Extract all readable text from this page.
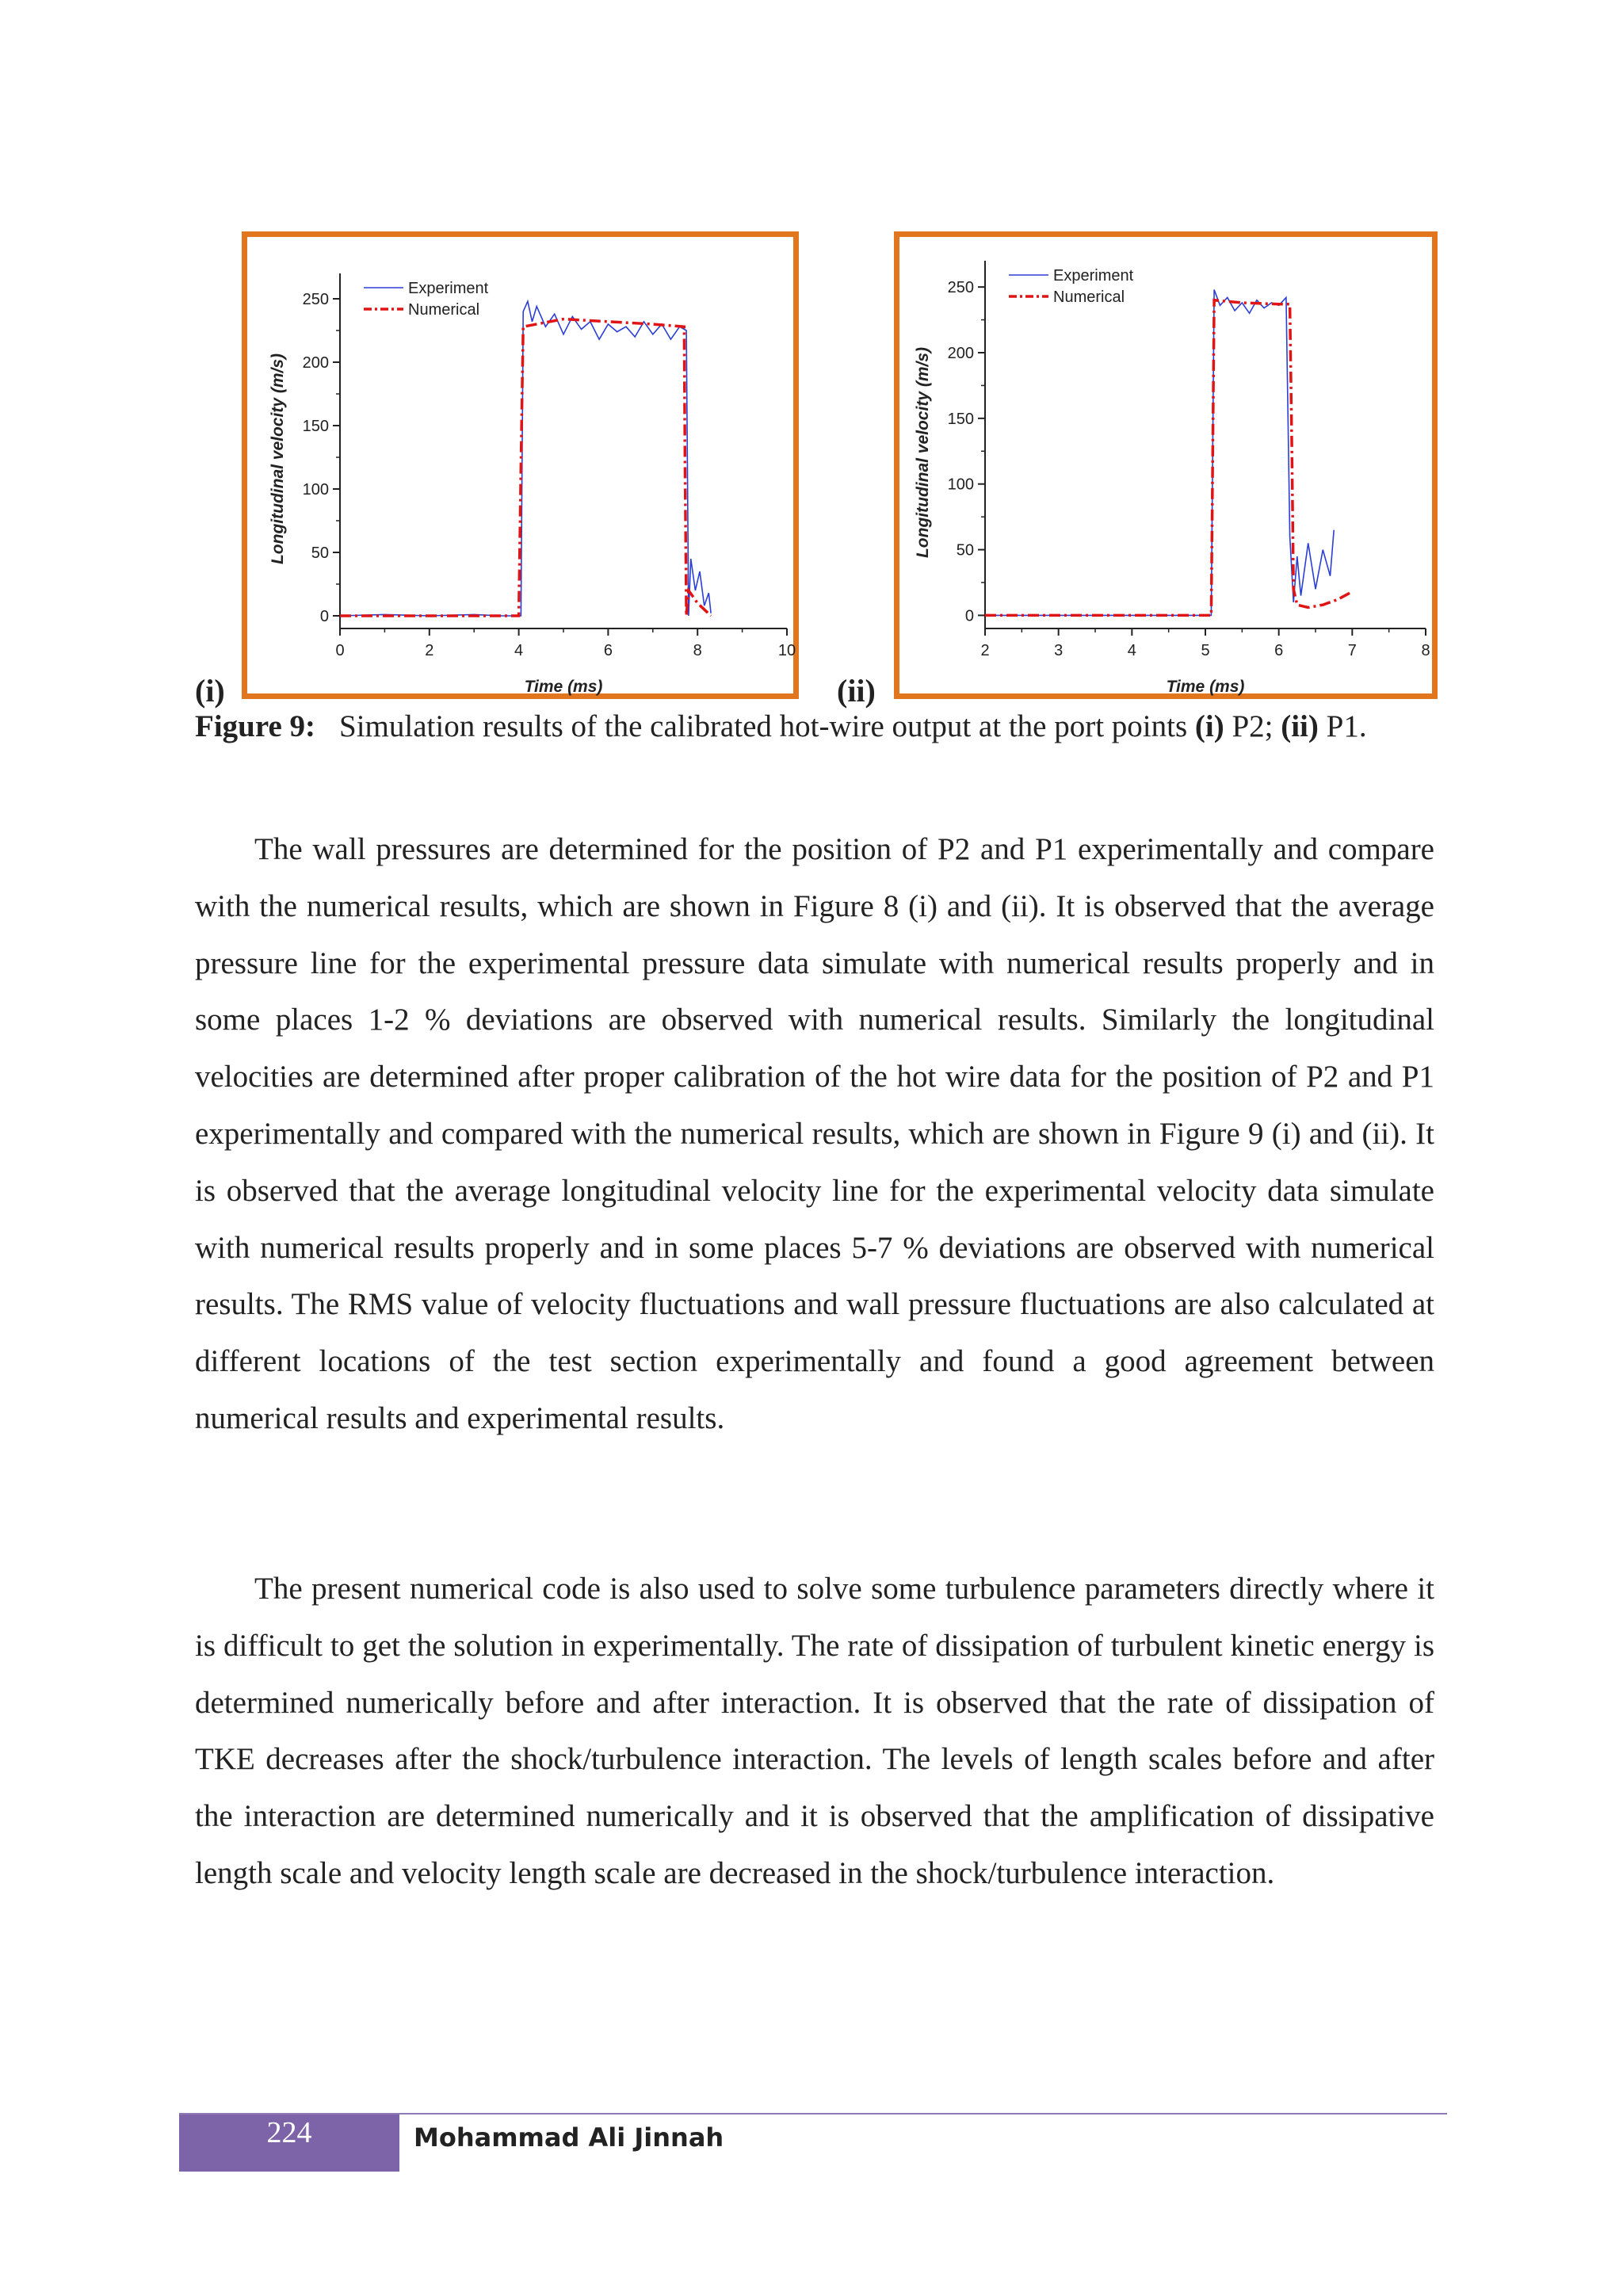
0	2	4	6	8	10
0
50
100
150
200
250
Time (ms)
Longitudinal velocity (m/s)
Experiment
Numerical
(i)
2	3	4	5	6	7	8
0
50
100
150
200
250
Time (ms)
Longitudinal velocity (m/s)
Experiment
Numerical
(ii)
Figure 9: Simulation results of the calibrated hot-wire output at the port points (i) P2; (ii) P1.

The wall pressures are determined for the position of P2 and P1 experimentally and compare with the numerical results, which are shown in Figure 8 (i) and (ii). It is observed that the average pressure line for the experimental pressure data simulate with numerical results properly and in some places 1-2 % deviations are observed with numerical results. Similarly the longitudinal velocities are determined after proper calibration of the hot wire data for the position of P2 and P1 experimentally and compared with the numerical results, which are shown in Figure 9 (i) and (ii). It is observed that the average longitudinal velocity line for the experimental velocity data simulate with numerical results properly and in some places 5-7 % deviations are observed with numerical results. The RMS value of velocity fluctuations and wall pressure fluctuations are also calculated at different locations of the test section experimentally and found a good agreement between numerical results and experimental results.

The present numerical code is also used to solve some turbulence parameters directly where it is difficult to get the solution in experimentally. The rate of dissipation of turbulent kinetic energy is determined numerically before and after interaction. It is observed that the rate of dissipation of TKE decreases after the shock/turbulence interaction. The levels of length scales before and after the interaction are determined numerically and it is observed that the amplification of dissipative length scale and velocity length scale are decreased in the shock/turbulence interaction.

224	Mohammad Ali Jinnah
